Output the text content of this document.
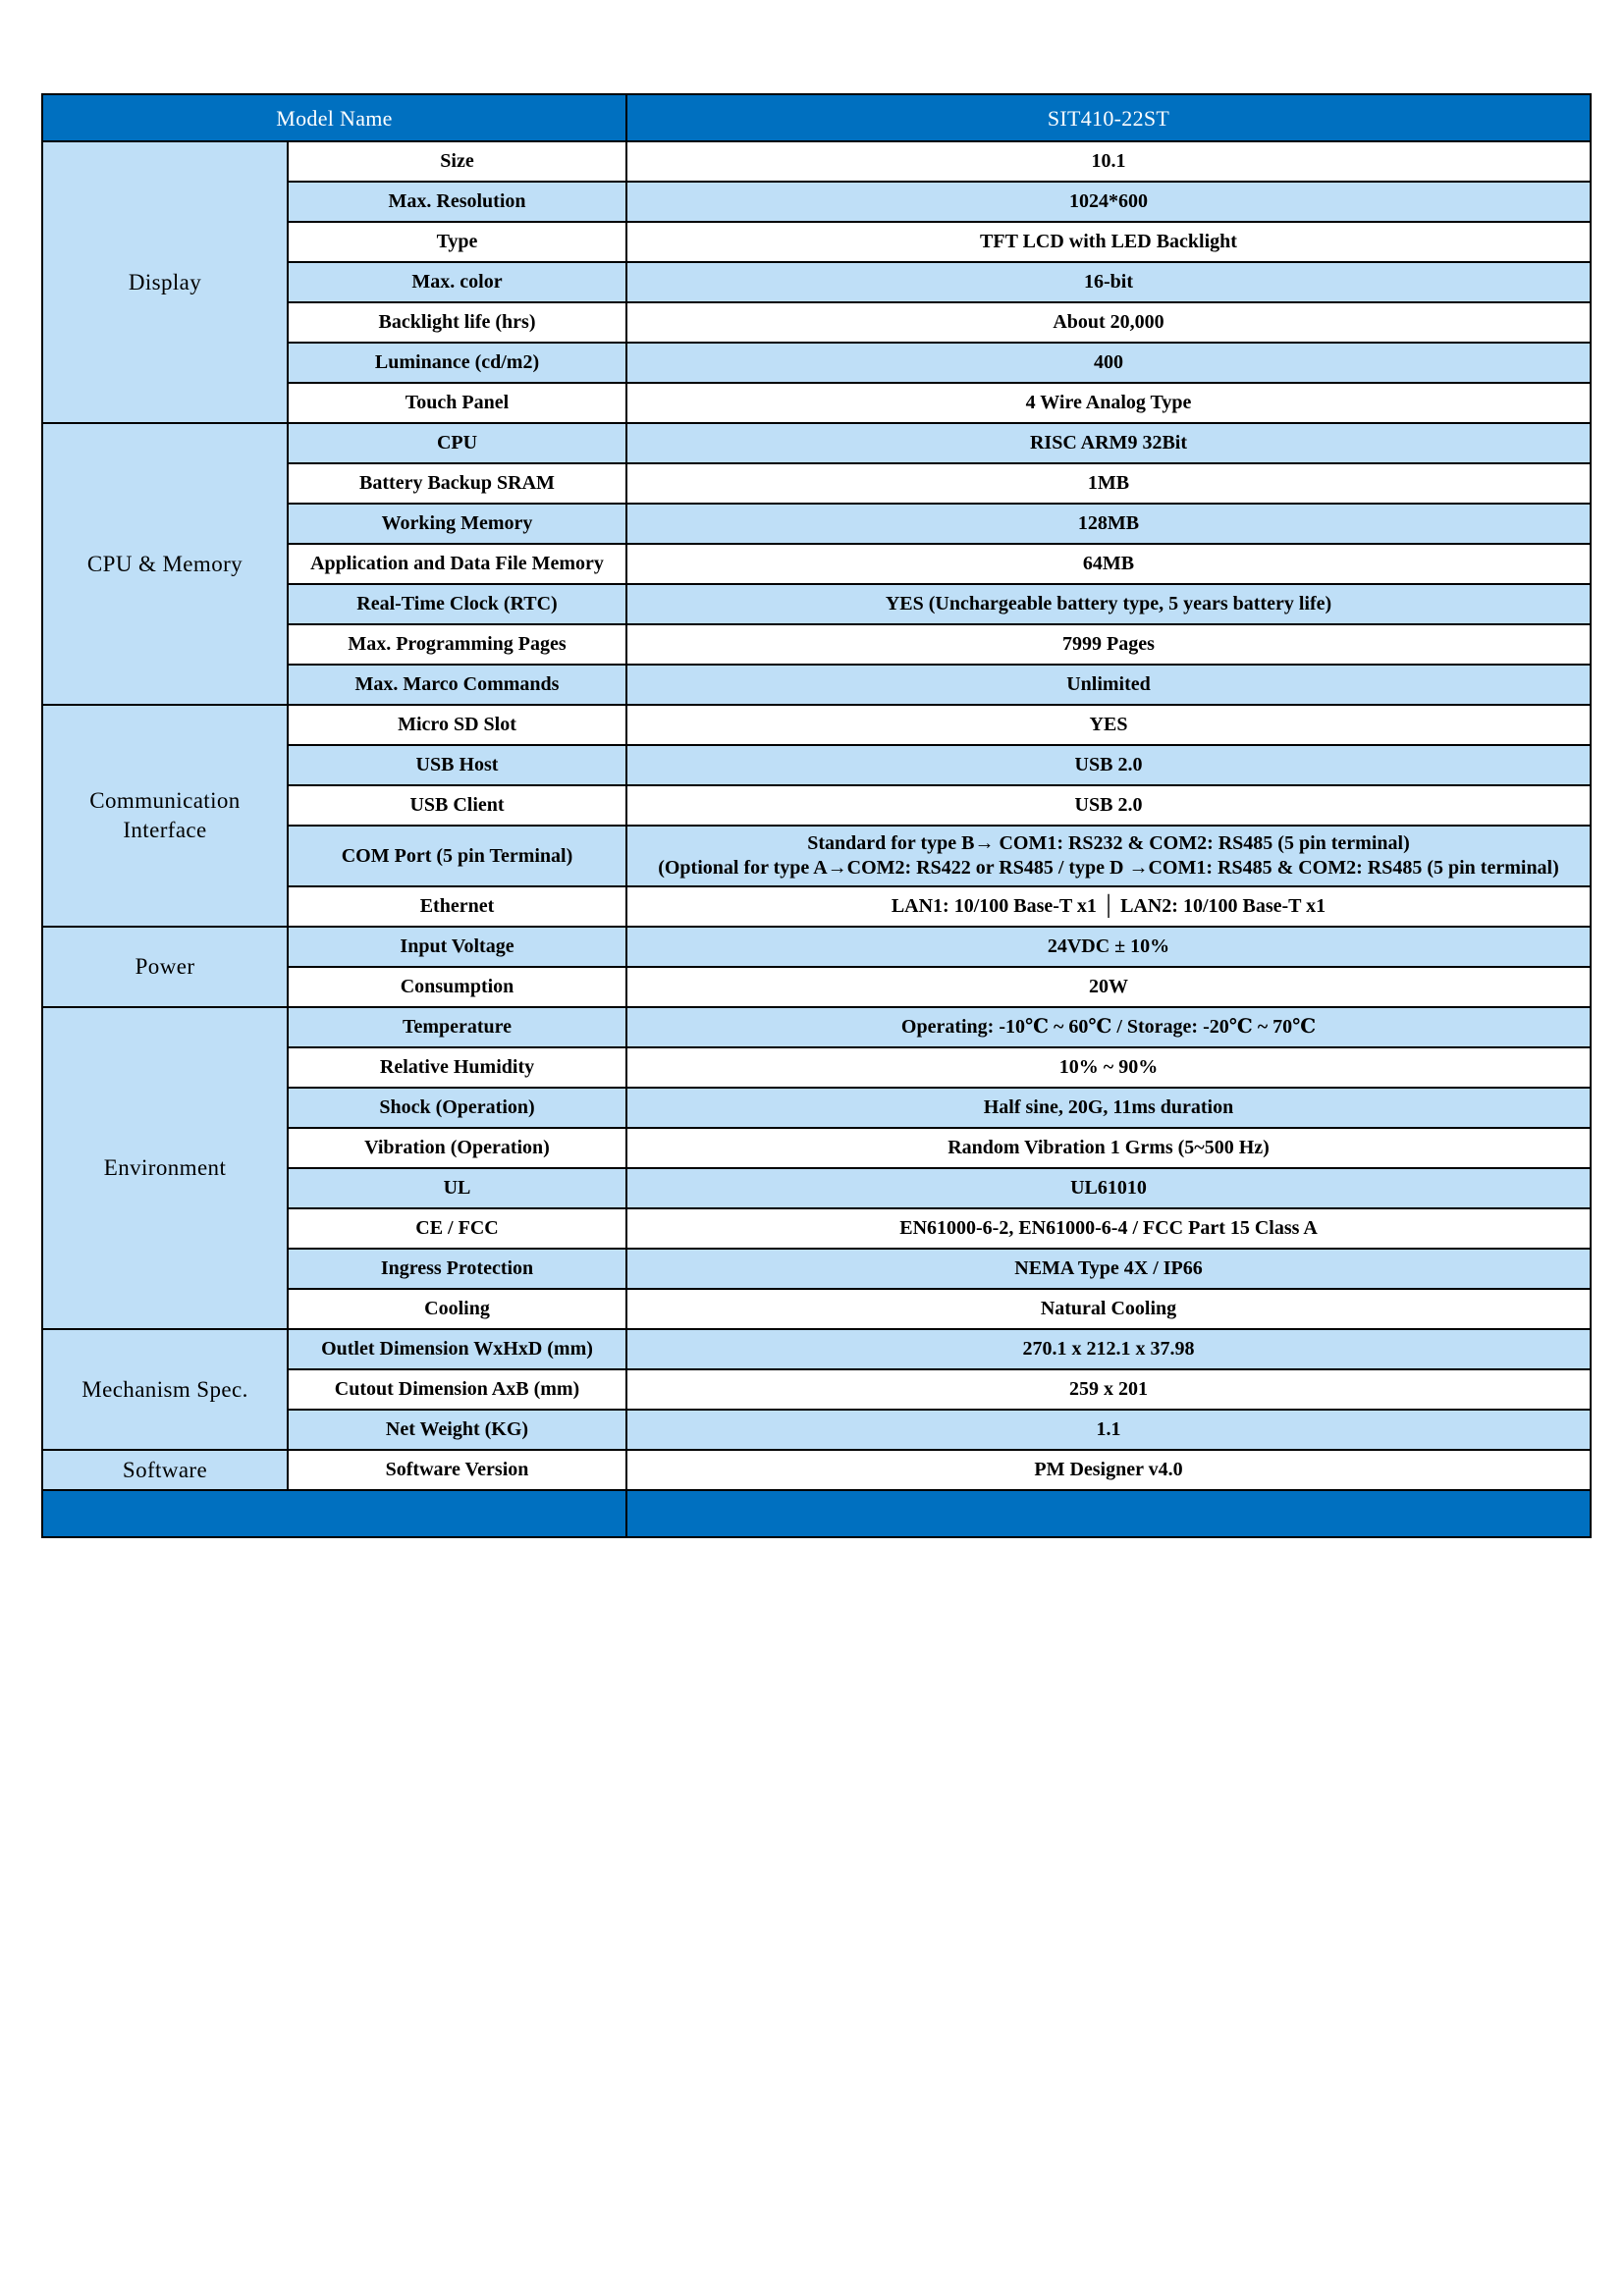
Model Name		SIT410-22ST
Display	Size	10.1
	Max. Resolution	1024*600
	Type	TFT LCD with LED Backlight
	Max. color	16-bit
	Backlight life (hrs)	About 20,000
	Luminance (cd/m2)	400
	Touch Panel	4 Wire Analog Type
CPU & Memory	CPU	RISC ARM9 32Bit
	Battery Backup SRAM	1MB
	Working Memory	128MB
	Application and Data File Memory	64MB
	Real-Time Clock (RTC)	YES (Unchargeable battery type, 5 years battery life)
	Max. Programming Pages	7999 Pages
	Max. Marco Commands	Unlimited

Communication
Interface	Micro SD Slot	YES
	USB Host	USB 2.0
	USB Client	USB 2.0
	COM Port (5 pin Terminal)	Standard for type B→ COM1: RS232 & COM2: RS485 (5 pin terminal)
(Optional for type A→COM2: RS422 or RS485 / type D →COM1: RS485 & COM2: RS485 (5 pin terminal)

	Ethernet	LAN1: 10/100 Base-T x1 │ LAN2: 10/100 Base-T x1
Power	Input Voltage	24VDC ± 10%
	Consumption	20W
Environment	Temperature	Operating: -10℃ ~ 60℃ / Storage: -20℃ ~ 70℃
	Relative Humidity	10% ~ 90%
	Shock (Operation)	Half sine, 20G, 11ms duration
	Vibration (Operation)	Random Vibration 1 Grms (5~500 Hz)
	UL	UL61010
	CE / FCC	EN61000-6-2, EN61000-6-4 / FCC Part 15 Class A
	Ingress Protection	NEMA Type 4X / IP66
	Cooling	Natural Cooling
Mechanism Spec.	Outlet Dimension WxHxD (mm)	270.1 x 212.1 x 37.98
	Cutout Dimension AxB (mm)	259 x 201
	Net Weight (KG)	1.1
Software	Software Version	PM Designer v4.0
